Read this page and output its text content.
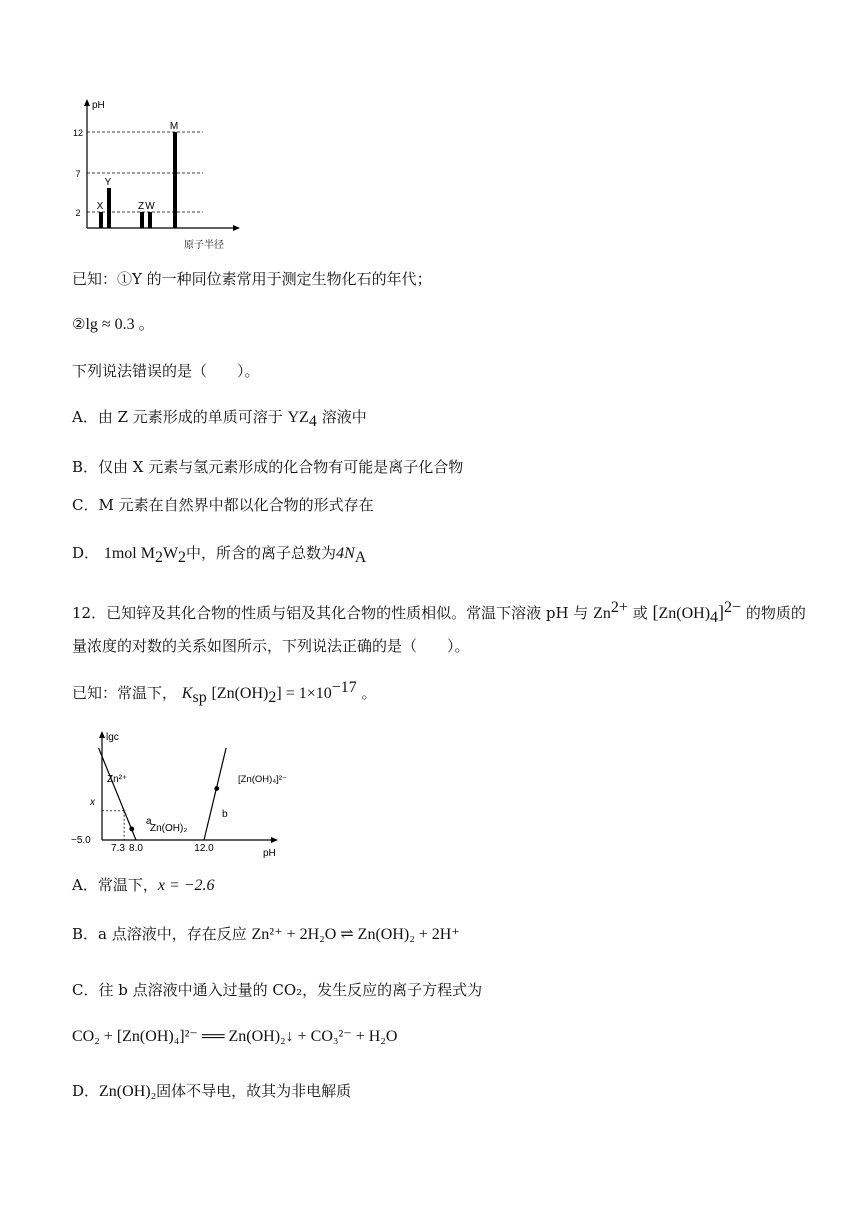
12
7
2
pH
X
Y
Z W
M
原子半径
已知：①Y 的一种同位素常用于测定生物化石的年代；
②lg ≈ 0.3 。
下列说法错误的是（　　）。
A．由 Z 元素形成的单质可溶于 $YZ_4$ 溶液中
B．仅由 X 元素与氢元素形成的化合物有可能是离子化合物
C．M 元素在自然界中都以化合物的形式存在
D． 1mol $M_2W_2$中，所含的离子总数为$4N_A$
12．已知锌及其化合物的性质与铝及其化合物的性质相似。常温下溶液 pH 与 $Zn^{2+}$ 或 $[Zn(OH)_4]^{2-}$ 的物质的
量浓度的对数的关系如图所示，下列说法正确的是（　　）。
已知：常温下， $K_{sp}$ $[Zn(OH)_2] = 1\times 10^{-17}$ 。
lgc
pH
Zn²⁺	[Zn(OH)₄]²⁻
Zn(OH)₂
x
a
b
−5.0
7.3 8.0	12.0
A．常温下，x = −2.6
B．a 点溶液中，存在反应 Zn²⁺ + 2H₂O ⇌ Zn(OH)₂ + 2H⁺
C．往 b 点溶液中通入过量的 CO₂，发生反应的离子方程式为
CO₂ + [Zn(OH)₄]²⁻ ══ Zn(OH)₂↓ + CO₃²⁻ + H₂O
D．Zn(OH)₂固体不导电，故其为非电解质
